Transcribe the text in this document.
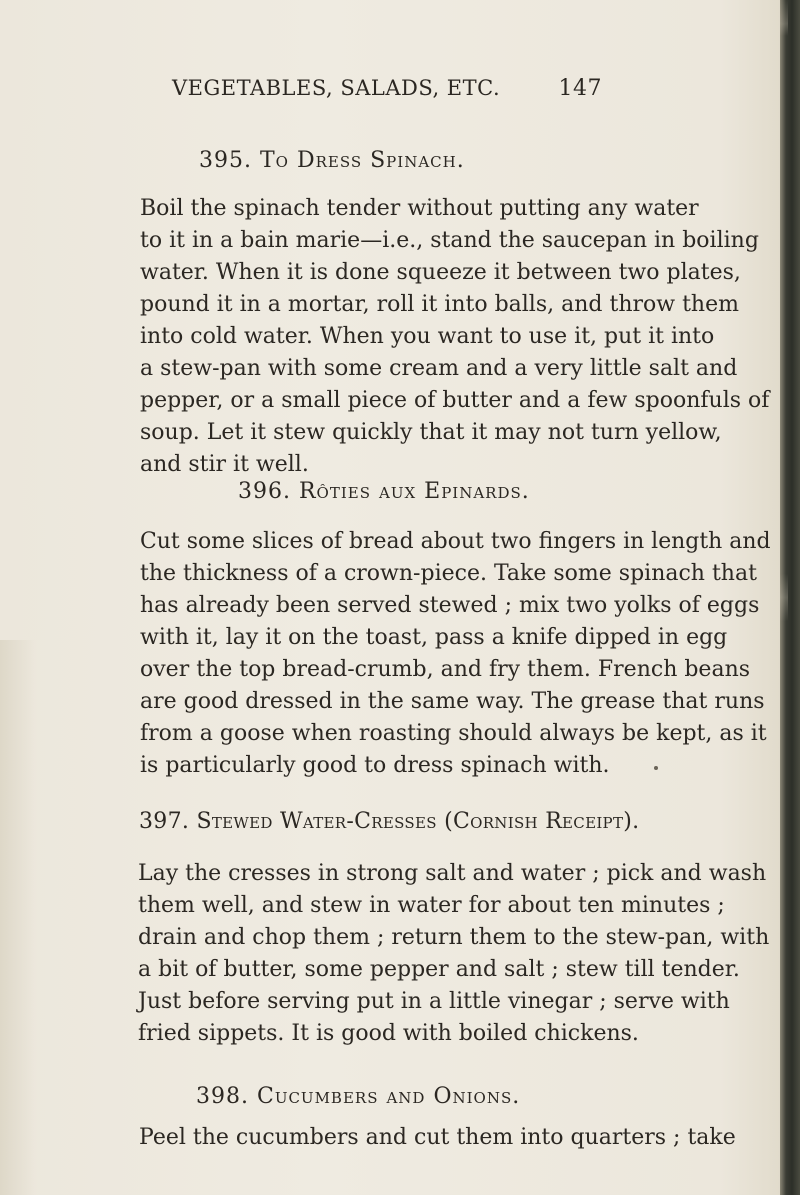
VEGETABLES, SALADS, ETC.	147
395. To Dress Spinach.
Boil the spinach tender without putting any water
to it in a bain marie—i.e., stand the saucepan in boiling
water. When it is done squeeze it between two plates,
pound it in a mortar, roll it into balls, and throw them
into cold water. When you want to use it, put it into
a stew-pan with some cream and a very little salt and
pepper, or a small piece of butter and a few spoonfuls of
soup. Let it stew quickly that it may not turn yellow,
and stir it well.
396. Rôties aux Epinards.
Cut some slices of bread about two fingers in length and
the thickness of a crown-piece. Take some spinach that
has already been served stewed ; mix two yolks of eggs
with it, lay it on the toast, pass a knife dipped in egg
over the top bread-crumb, and fry them. French beans
are good dressed in the same way. The grease that runs
from a goose when roasting should always be kept, as it
is particularly good to dress spinach with.
397. Stewed Water-Cresses (Cornish Receipt).
Lay the cresses in strong salt and water ; pick and wash
them well, and stew in water for about ten minutes ;
drain and chop them ; return them to the stew-pan, with
a bit of butter, some pepper and salt ; stew till tender.
Just before serving put in a little vinegar ; serve with
fried sippets. It is good with boiled chickens.
398. Cucumbers and Onions.
Peel the cucumbers and cut them into quarters ; take
